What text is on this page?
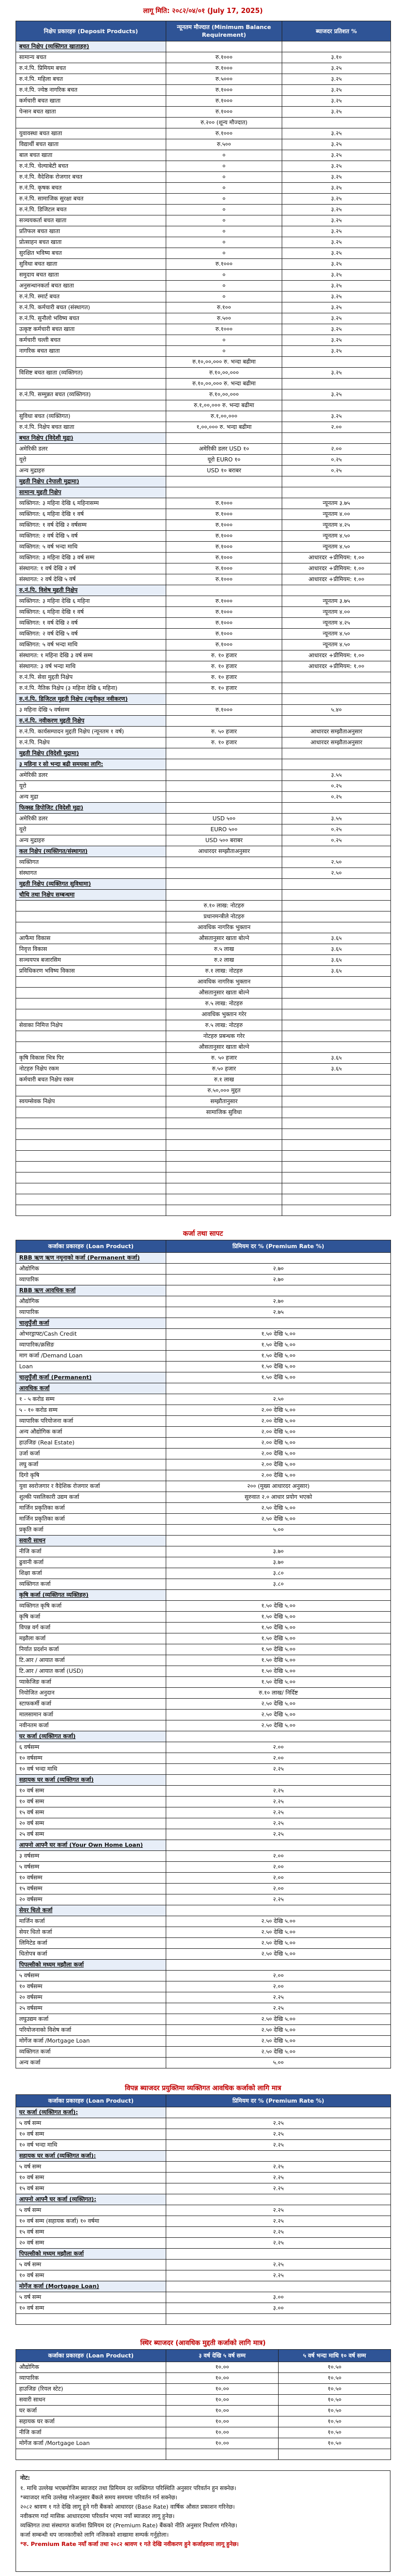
लागू मिति: २०८२/०४/०१ (July 17, 2025)
निक्षेप प्रकारहरु (Deposit Products)	न्यूनतम मौज्दात (Minimum Balance Requirement)	ब्याजदर प्रतिशत %
बचत निक्षेप (व्यक्तिगत खाताहरु)		
सामान्य बचत	रु.१०००	३.१०
रु.नं.पि. प्रिमियम बचत	रु.१०००	३.२५
रु.नं.पि. महिला बचत	रु.५०००	३.२५
रु.नं.पि. ज्येष्ठ नागरिक बचत	रु.१०००	३.२५
कर्मचारी बचत खाता	रु.१०००	३.२५
पेन्सन बचत खाता	रु.१०००	३.२५
	रु.२०० (शून्य मौज्दात)	
युवावस्था बचत खाता	रु.१०००	३.२५
विद्यार्थी बचत खाता	रु.५००	३.२५
बाल बचत खाता	०	३.२५
रु.नं.पि. चेल्याबेटी बचत	०	३.२५
रु.नं.पि. वैदेशिक रोजगार बचत	०	३.२५
रु.नं.पि. कृषक बचत	०	३.२५
रु.नं.पि. सामाजिक सुरक्षा बचत	०	३.२५
रु.नं.पि. डिजिटल बचत	०	३.२५
सञ्चयकर्ता बचत खाता	०	३.२५
प्रतिफल बचत खाता	०	३.२५
प्रोत्साहन बचत खाता	०	३.२५
सुरक्षित भविष्य बचत	०	३.२५
सुविधा बचत खाता	रु.१०००	३.२५
समुदाय बचत खाता	०	३.२५
अनुसन्धानकर्ता बचत खाता	०	३.२५
रु.नं.पि. स्मार्ट बचत	०	३.२५
रु.नं.पि. कर्मचारी बचत (संस्थागत)	रु.१००	३.२५
रु.नं.पि. सुनौलो भविष्य बचत	रु.५००	३.२५
उत्कृष्ट कर्मचारी बचत खाता	रु.१०००	३.२५
कर्मचारी चल्ती बचत	०	३.२५
नागरिक बचत खाता	०	३.२५
	रु.१०,००,००० रु. भन्दा बढीमा	
विशिष्ट बचत खाता (व्यक्तिगत)	रु.१०,००,०००	३.२५
	रु.१०,००,००० रु. भन्दा बढीमा	
रु.नं.पि. सम्मुन्नत बचत (व्यक्तिगत)	रु.१०,००,०००	३.२५
	रु.१,००,००० रु. भन्दा बढीमा	
सुविधा बचत (व्यक्तिगत)	रु.१,००,०००	३.२५
रु.नं.पि. निक्षेप बचत खाता	१,००,००० रु. भन्दा बढीमा	२.००
बचत निक्षेप (विदेशी मुद्रा)		
अमेरिकी डलर	अमेरिकी डलर USD १०	२.००
यूरो	यूरो EURO १०	०.२५
अन्य मुद्राहरु	USD १० बराबर	०.२५
मुद्दती निक्षेप (नेपाली मुद्रामा)		
सामान्य मुद्दती निक्षेप		
व्यक्तिगत: ३ महिना देखि ६ महिनासम्म	रु.१०००	न्यूनतम ३.७५
व्यक्तिगत: ६ महिना देखि १ वर्ष	रु.१०००	न्यूनतम ४.००
व्यक्तिगत: १ वर्ष देखि २ वर्षसम्म	रु.१०००	न्यूनतम ४.२५
व्यक्तिगत: २ वर्ष देखि ५ वर्ष	रु.१०००	न्यूनतम ४.५०
व्यक्तिगत: ५ वर्ष भन्दा माथि	रु.१०००	न्यूनतम ४.५०
व्यक्तिगत: ३ महिना देखि ३ वर्ष सम्म	रु.१०००	आधारदर +प्रीमियम: १.००
संस्थागत: १ वर्ष देखि २ वर्ष	रु.१०००	आधारदर +प्रीमियम: १.००
संस्थागत: २ वर्ष देखि ५ वर्ष	रु.१०००	आधारदर +प्रीमियम: १.००
रु.नं.पि. विशेष मुद्दती निक्षेप		
व्यक्तिगत: ३ महिना देखि ६ महिना	रु.१०००	न्यूनतम ३.७५
व्यक्तिगत: ६ महिना देखि १ वर्ष	रु.१०००	न्यूनतम ४.००
व्यक्तिगत: १ वर्ष देखि २ वर्ष	रु.१०००	न्यूनतम ४.२५
व्यक्तिगत: २ वर्ष देखि ५ वर्ष	रु.१०००	न्यूनतम ४.५०
व्यक्तिगत: ५ वर्ष भन्दा माथि	रु.१०००	न्यूनतम ४.५०
संस्थागत: १ महिना देखि ३ वर्ष सम्म	रु. १० हजार	आधारदर +प्रीमियम: १.००
संस्थागत: ३ वर्ष भन्दा माथि	रु. १० हजार	आधारदर +प्रीमियम: १.००
रु.नं.पि. सेवा मुद्दती निक्षेप	रु. १० हजार	
रु.नं.पि. नैतिक निक्षेप (३ महिना देखि ६ महिना)	रु. १० हजार	
रु.नं.पि. डिजिटल मुद्दती निक्षेप (न्यूनीकृत नवीकरण)		
३ महिना देखि ५ वर्षसम्म	रु.१०००	५.४०
रु.नं.पि. नवीकरण मुद्दती निक्षेप		
रु.नं.पि. कार्यसम्पादन मुद्दती निक्षेप (न्यूनतम १ वर्ष)	रु. ५० हजार	आधारदर सम्झौताअनुसार
रु.नं.पि. निक्षेप	रु. १० हजार	आधारदर सम्झौताअनुसार
मुद्दती निक्षेप (विदेशी मुद्रामा)		
३ महिना र सो भन्दा बढी समयका लागि:		
अमेरिकी डलर		३.५५
यूरो		०.२५
अन्य मुद्रा		०.२५
फिक्स्ड डिपोजिट (विदेशी मुद्रा)		
अमेरिकी डलर	USD ५००	३.५५
यूरो	EURO ५००	०.२५
अन्य मुद्राहरु	USD ५०० बराबर	०.२५
कल निक्षेप (व्यक्तिगत/संस्थागत)	आधारदर सम्झौताअनुसार	
व्यक्तिगत		२.५०
संस्थागत		२.५०
मुद्दती निक्षेप (व्यक्तिगत सुविधामा)		
चौथि तथा निक्षेप सम्बन्धमा		
	रु.१० लाख: नोटहरु	
	प्रधानमन्त्रीले नोटहरु	
	आवधिक नागरिक भुक्तान	
आफैंमा विकास	औसतानुसार खाता बोल्ने	३.६५
निवृत्त विकास	रु.५ लाख	३.६५
सञ्चयपत्र बजारसिम	रु.२ लाख	३.६५
प्रविधिकरण भविष्य विकास	रु.१ लाख: नोटहरु	३.६५
	आवधिक नागरिक भुक्तान	
	औसतानुसार खाता बोल्ने	
	रु.५ लाख: नोटहरु	
	आवधिक भुक्तान गरेर	
सेवाका निमित्त निक्षेप	रु.५ लाख: नोटहरु	
	नोटहरु प्रबन्धक गरेर	
	औसतानुसार खाता बोल्ने	
कृषि विकास भित्र पिर	रु. ५० हजार	३.६५
नोटहरु निक्षेप रकम	रु.५० हजार	३.६५
कर्मचारी बचत निक्षेप रकम	रु.१ लाख	
	रु.५०,००० मुद्दत	
स्वयम्सेवक निक्षेप	सम्झौतानुसार	
	सामाजिक सुविधा	

कर्जा तथा सापट
कर्जाका प्रकारहरु (Loan Product)	प्रिमियम दर % (Premium Rate %)
RBB ऋण ऋण नमूनाको कर्जा (Permanent कर्जा)	
औद्योगिक	२.७०
व्यापारिक	२.७०
RBB ऋण आवधिक कर्जा	
औद्योगिक	२.७०
व्यापारिक	२.७५
चालुपुँजी कर्जा	
ओभरड्राफ्ट/Cash Credit	१.५० देखि ५.००
व्यापारिक/क्रसिङ	१.५० देखि ५.००
माग कर्जा /Demand Loan	१.५० देखि ५.००
Loan	१.५० देखि ५.००
चालुपुँजी कर्जा (Permanent)	१.५० देखि ५.००
आवधिक कर्जा	
१ - ५ करोड सम्म	२.५०
५ - १० करोड सम्म	२.०० देखि ५.००
व्यापारिक परियोजना कर्जा	२.०० देखि ५.००
अन्य औद्योगिक कर्जा	२.०० देखि ५.००
हाउजिङ (Real Estate)	२.०० देखि ५.००
उर्जा कर्जा	२.०० देखि ५.००
लघु कर्जा	२.०० देखि ५.००
दिगो कृषि	२.०० देखि ५.००
युवा स्वरोजगार र वैदेशिक रोजगार कर्जा	२०० (मुख्य आधारदर अनुसार)
शुल्की पसलिकारी उद्यम कर्जा	सुरुवात २.० आधार प्रयोग भएको
मार्जिन प्रकृतिका कर्जा	२.५० देखि ५.००
मार्जिन प्रकृतिका कर्जा	२.५० देखि ५.००
प्रकृति कर्जा	५.००
सवारी साधन	
नीजि कर्जा	३.७०
ढुवानी कर्जा	३.७०
शिक्षा कर्जा	३.८०
व्यक्तिगत कर्जा	३.८०
कृषि कर्जा (व्यक्तिगत व्यक्तिहरु)	
व्यक्तिगत कृषि कर्जा	१.५० देखि ५.००
कृषि कर्जा	१.५० देखि ५.००
विपन्न वर्ग कर्जा	१.५० देखि ५.००
मझौला कर्जा	१.५० देखि ५.००
निर्यात प्रदर्शन कर्जा	१.५० देखि ५.००
टि.आर / आयात कर्जा	१.५० देखि ५.००
टि.आर / आयात कर्जा (USD)	१.५० देखि ५.००
प्याकेजिङ कर्जा	१.५० देखि ५.००
नियोजित अनुदान	रु.१० लाख/ निर्दिष्ट
स्टाफकर्मी कर्जा	२.५० देखि ५.००
मालसामान कर्जा	२.५० देखि ५.००
नवीनतम कर्जा	२.५० देखि ५.००
घर कर्जा (व्यक्तिगत कर्जा)	
६ वर्षसम्म	२.००
१० वर्षसम्म	२.००
१० वर्ष भन्दा माथि	२.२५
सहायक घर कर्जा (व्यक्तिगत कर्जा)	
१० वर्ष सम्म	२.२५
१० वर्ष सम्म	२.२५
१५ वर्ष सम्म	२.२५
२० वर्ष सम्म	२.२५
२५ वर्ष सम्म	२.२५
आफ्नो आफ्नै घर कर्जा (Your Own Home Loan)	
३ वर्षसम्म	२.००
५ वर्षसम्म	२.००
१० वर्षसम्म	२.००
१५ वर्षसम्म	२.००
२० वर्षसम्म	२.२५
सेयर धितो कर्जा	
मार्जिन कर्जा	२.५० देखि ५.००
सेयर धितो कर्जा	२.५० देखि ५.००
लिमिटेड कर्जा	२.५० देखि ५.००
धितोपत्र कर्जा	२.५० देखि ५.००
पिपल्सीको मध्यम मझौला कर्जा	
५ वर्षसम्म	२.००
१० वर्षसम्म	२.००
२० वर्षसम्म	२.२५
२५ वर्षसम्म	२.२५
लघुउद्यम कर्जा	२.५० देखि ५.००
परियोजनाको विशेष कर्जा	२.५० देखि ५.००
मोर्गेज कर्जा /Mortgage Loan	२.५० देखि ५.००
व्यक्तिगत कर्जा	२.५० देखि ५.००
अन्य कर्जा	५.००
विपन्न ब्याजदर प्रयुक्तिमा व्यक्तिगत आवधिक कर्जाको लागि मात्र
कर्जाका प्रकारहरु (Loan Product)	प्रिमियम दर % (Premium Rate %)
घर कर्जा (व्यक्तिगत कर्जा):	
५ वर्ष सम्म	२.२५
१० वर्ष सम्म	२.२५
१० वर्ष भन्दा माथि	२.२५
सहायक घर कर्जा (व्यक्तिगत कर्जा):	
५ वर्ष सम्म	२.२५
१० वर्ष सम्म	२.२५
१५ वर्ष सम्म	२.२५
आफ्नो आफ्नै घर कर्जा (व्यक्तिगत):	
५ वर्ष सम्म	२.२५
१० वर्ष सम्म (सहायक कर्जा) १० वर्षमा	२.२५
१५ वर्ष सम्म	२.२५
२० वर्ष सम्म	२.२५
पिपल्सीको मध्यम मझौला कर्जा	
५ वर्ष सम्म	२.२५
१० वर्ष सम्म	२.२५
मोर्गेज कर्जा (Mortgage Loan)	
५ वर्ष सम्म	३.००
१० वर्ष सम्म	३.००

स्थिर ब्याजदर (आवधिक मुद्दती कर्जाको लागि मात्र)
कर्जाका प्रकारहरु (Loan Product)	३ वर्ष देखि ५ वर्ष सम्म	५ वर्ष भन्दा माथि १० वर्ष सम्म
औद्योगिक	१०.००	१०.५०
व्यापारिक	१०.००	१०.५०
हाउजिङ (रियल स्टेट)	१०.००	१०.५०
सवारी साधन	१०.००	१०.५०
घर कर्जा	१०.००	१०.५०
सहायक घर कर्जा	१०.००	१०.५०
नीजि कर्जा	१०.००	१०.५०
मोर्गेज कर्जा /Mortgage Loan	१०.००	१०.५०

नोट:
१. माथि उल्लेख भएबमोजिम ब्याजदर तथा प्रिमियम दर व्यक्तिगत परिस्थिति अनुसार परिवर्तन हुन सक्नेछ।
*ब्याजदर माथि उल्लेख गरेअनुसार बैंकले समय समयमा परिवर्तन गर्न सक्नेछ।
२०८२ श्रावण १ गते देखि लागू हुने गरी बैंकको आधारदर (Base Rate) वार्षिक औसत प्रकाशन गरिनेछ।
नवीकरण गर्दा मासिक आधारदरमा परिवर्तन भएमा नयाँ ब्याजदर लागू हुनेछ।
व्यक्तिगत तथा संस्थागत कर्जामा प्रिमियम दर (Premium Rate) बैंकको नीति अनुसार निर्धारण गरिनेछ।
कर्जा सम्बन्धी थप जानकारीको लागि नजिकको शाखामा सम्पर्क गर्नुहोला।
*रु. Premium Rate नयाँ कर्जा तथा २०८२ श्रावण १ गते देखि नवीकरण हुने कर्जाहरुमा लागू हुनेछ।
